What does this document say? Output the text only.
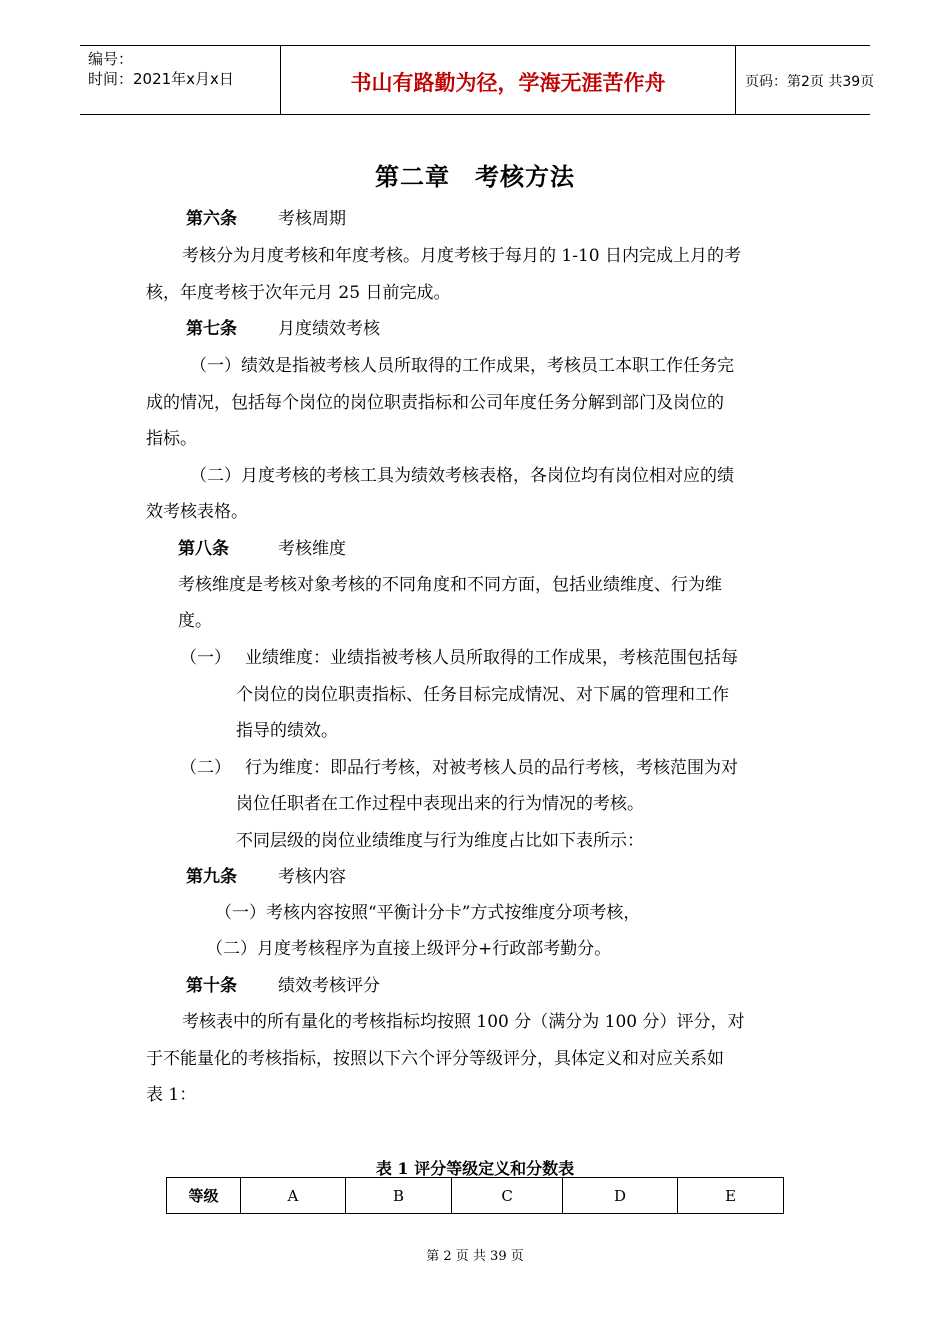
编号：
时间：2021年x月x日	书山有路勤为径，学海无涯苦作舟	页码：第2页 共39页
第二章　考核方法
第六条 考核周期
考核分为月度考核和年度考核。月度考核于每月的 1-10 日内完成上月的考
核，年度考核于次年元月 25 日前完成。
第七条 月度绩效考核
（一）绩效是指被考核人员所取得的工作成果，考核员工本职工作任务完
成的情况，包括每个岗位的岗位职责指标和公司年度任务分解到部门及岗位的
指标。
（二）月度考核的考核工具为绩效考核表格，各岗位均有岗位相对应的绩
效考核表格。
第八条	考核维度
考核维度是考核对象考核的不同角度和不同方面，包括业绩维度、行为维
度。
（一） 业绩维度：业绩指被考核人员所取得的工作成果，考核范围包括每
个岗位的岗位职责指标、任务目标完成情况、对下属的管理和工作
指导的绩效。
（二） 行为维度：即品行考核，对被考核人员的品行考核，考核范围为对
岗位任职者在工作过程中表现出来的行为情况的考核。
不同层级的岗位业绩维度与行为维度占比如下表所示：
第九条 考核内容
（一）考核内容按照“平衡计分卡”方式按维度分项考核，
（二）月度考核程序为直接上级评分+行政部考勤分。
第十条 绩效考核评分
考核表中的所有量化的考核指标均按照 100 分（满分为 100 分）评分，对
于不能量化的考核指标，按照以下六个评分等级评分，具体定义和对应关系如
表 1：
表 1 评分等级定义和分数表
等级	A	B	C	D	E
第 2 页 共 39 页
